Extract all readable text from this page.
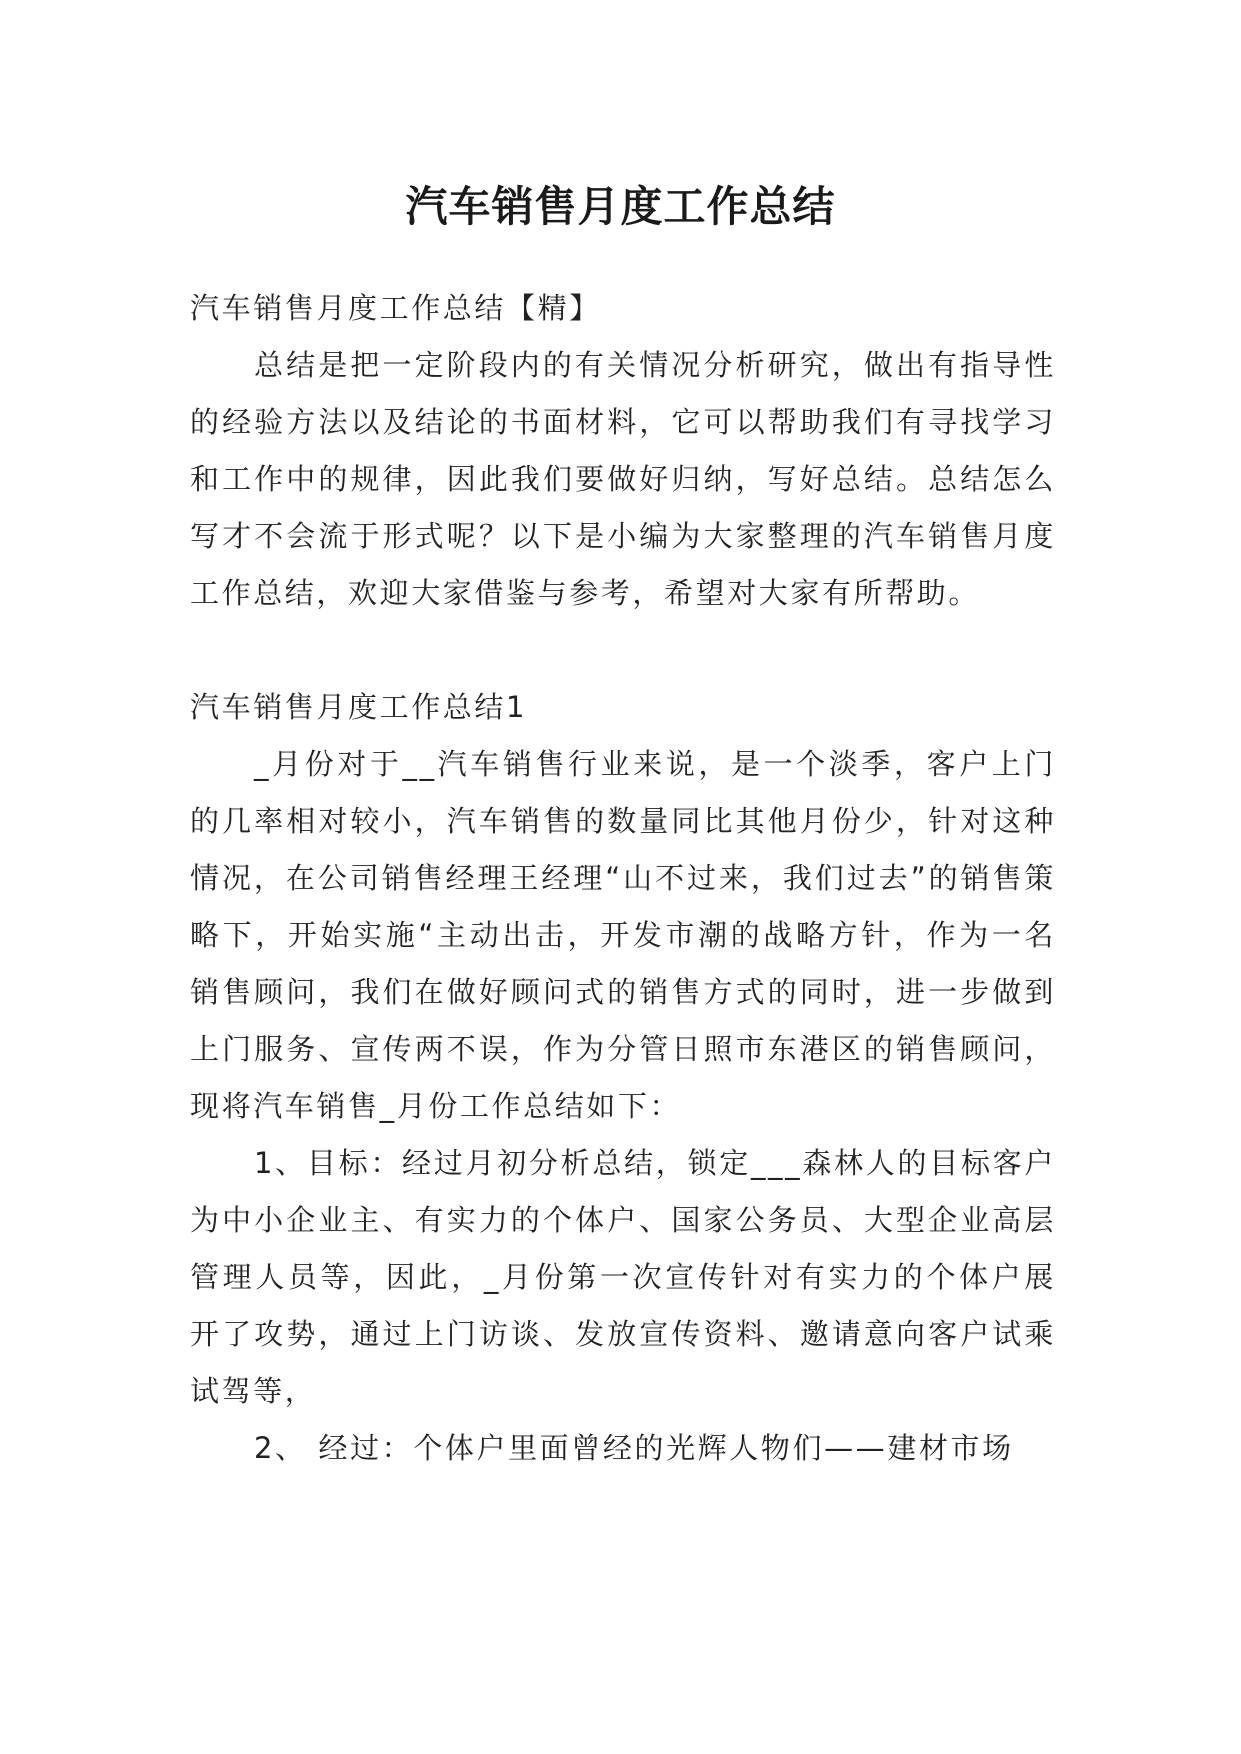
汽车销售月度工作总结

汽车销售月度工作总结【精】

总结是把一定阶段内的有关情况分析研究，做出有指导性的经验方法以及结论的书面材料，它可以帮助我们有寻找学习和工作中的规律，因此我们要做好归纳，写好总结。总结怎么写才不会流于形式呢？以下是小编为大家整理的汽车销售月度工作总结，欢迎大家借鉴与参考，希望对大家有所帮助。

汽车销售月度工作总结1

_月份对于__汽车销售行业来说，是一个淡季，客户上门的几率相对较小，汽车销售的数量同比其他月份少，针对这种情况，在公司销售经理王经理“山不过来，我们过去”的销售策略下，开始实施“主动出击，开发市潮的战略方针，作为一名销售顾问，我们在做好顾问式的销售方式的同时，进一步做到上门服务、宣传两不误，作为分管日照市东港区的销售顾问，现将汽车销售_月份工作总结如下：

1、目标：经过月初分析总结，锁定___森林人的目标客户为中小企业主、有实力的个体户、国家公务员、大型企业高层管理人员等，因此，_月份第一次宣传针对有实力的个体户展开了攻势，通过上门访谈、发放宣传资料、邀请意向客户试乘试驾等，

2、 经过：个体户里面曾经的光辉人物们——建材市场
